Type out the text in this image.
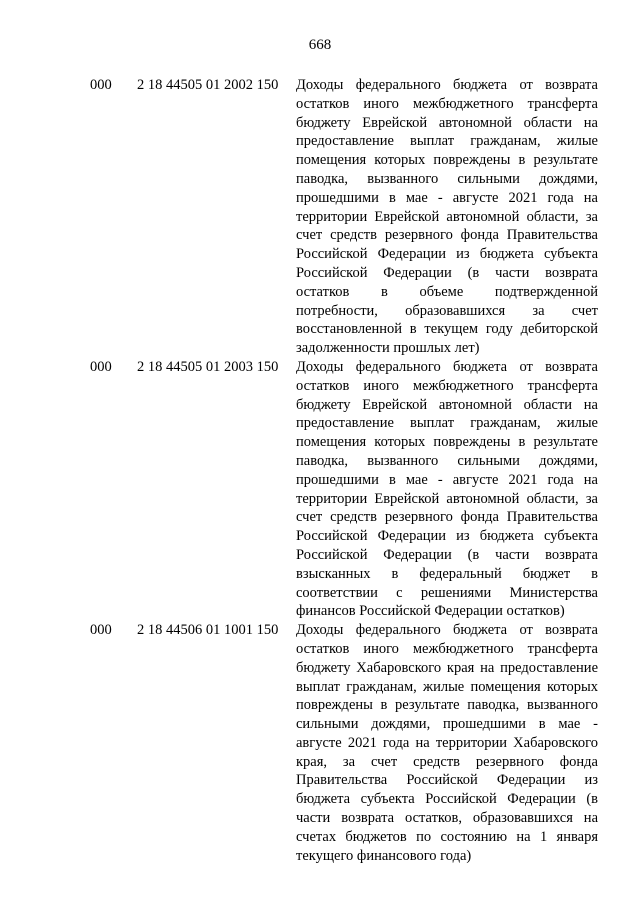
668
000	2 18 44505 01 2002 150	Доходы федерального бюджета от возврата остатков иного межбюджетного трансферта бюджету Еврейской автономной области на предоставление выплат гражданам, жилые помещения которых повреждены в результате паводка, вызванного сильными дождями, прошедшими в мае - августе 2021 года на территории Еврейской автономной области, за счет средств резервного фонда Правительства Российской Федерации из бюджета субъекта Российской Федерации (в части возврата остатков в объеме подтвержденной потребности, образовавшихся за счет восстановленной в текущем году дебиторской задолженности прошлых лет)
000	2 18 44505 01 2003 150	Доходы федерального бюджета от возврата остатков иного межбюджетного трансферта бюджету Еврейской автономной области на предоставление выплат гражданам, жилые помещения которых повреждены в результате паводка, вызванного сильными дождями, прошедшими в мае - августе 2021 года на территории Еврейской автономной области, за счет средств резервного фонда Правительства Российской Федерации из бюджета субъекта Российской Федерации (в части возврата взысканных в федеральный бюджет в соответствии с решениями Министерства финансов Российской Федерации остатков)
000	2 18 44506 01 1001 150	Доходы федерального бюджета от возврата остатков иного межбюджетного трансферта бюджету Хабаровского края на предоставление выплат гражданам, жилые помещения которых повреждены в результате паводка, вызванного сильными дождями, прошедшими в мае - августе 2021 года на территории Хабаровского края, за счет средств резервного фонда Правительства Российской Федерации из бюджета субъекта Российской Федерации (в части возврата остатков, образовавшихся на счетах бюджетов по состоянию на 1 января текущего финансового года)
